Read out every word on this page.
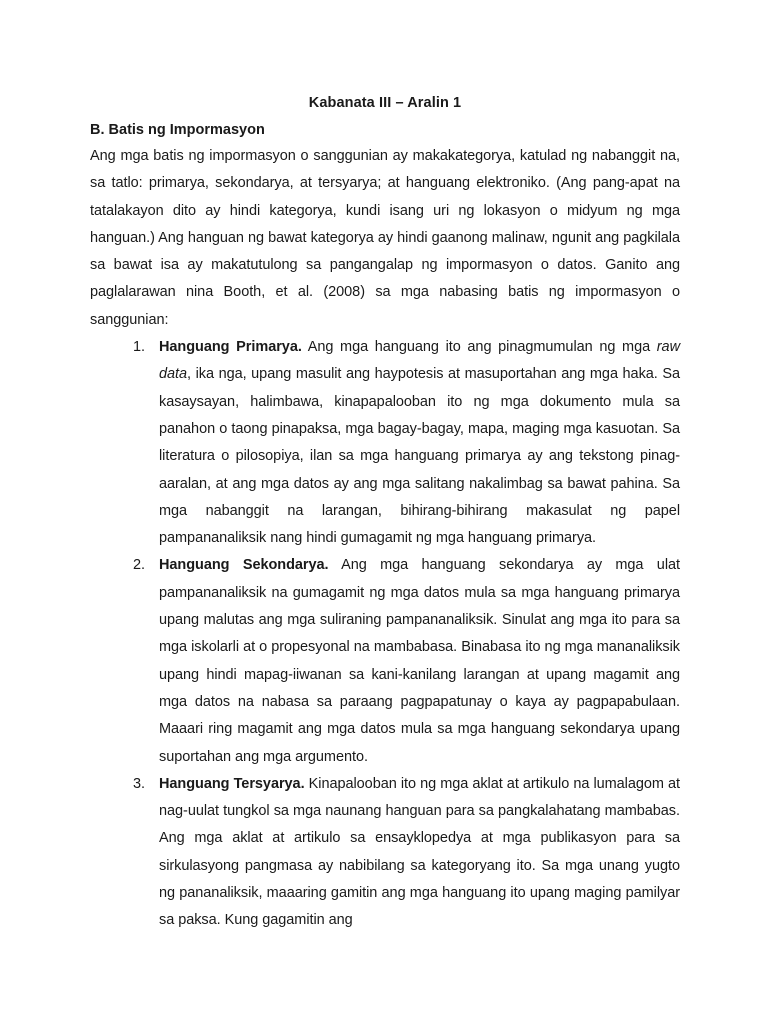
Kabanata III – Aralin 1
B. Batis ng Impormasyon

Ang mga batis ng impormasyon o sanggunian ay makakategorya, katulad ng nabanggit na, sa tatlo: primarya, sekondarya, at tersyarya; at hanguang elektroniko. (Ang pang-apat na tatalakayon dito ay hindi kategorya, kundi isang uri ng lokasyon o midyum ng mga hanguan.) Ang hanguan ng bawat kategorya ay hindi gaanong malinaw, ngunit ang pagkilala sa bawat isa ay makatutulong sa pangangalap ng impormasyon o datos. Ganito ang paglalarawan nina Booth, et al. (2008) sa mga nabasing batis ng impormasyon o sanggunian:

1. Hanguang Primarya. Ang mga hanguang ito ang pinagmumulan ng mga raw data, ika nga, upang masulit ang haypotesis at masuportahan ang mga haka. Sa kasaysayan, halimbawa, kinapapalooban ito ng mga dokumento mula sa panahon o taong pinapaksa, mga bagay-bagay, mapa, maging mga kasuotan. Sa literatura o pilosopiya, ilan sa mga hanguang primarya ay ang tekstong pinag-aaralan, at ang mga datos ay ang mga salitang nakalimbag sa bawat pahina. Sa mga nabanggit na larangan, bihirang-bihirang makasulat ng papel pampananaliksik nang hindi gumagamit ng mga hanguang primarya.
2. Hanguang Sekondarya. Ang mga hanguang sekondarya ay mga ulat pampananaliksik na gumagamit ng mga datos mula sa mga hanguang primarya upang malutas ang mga suliraning pampananaliksik. Sinulat ang mga ito para sa mga iskolarli at o propesyonal na mambabasa. Binabasa ito ng mga mananaliksik upang hindi mapag-iiwanan sa kani-kanilang larangan at upang magamit ang mga datos na nabasa sa paraang pagpapatunay o kaya ay pagpapabulaan. Maaari ring magamit ang mga datos mula sa mga hanguang sekondarya upang suportahan ang mga argumento.
3. Hanguang Tersyarya. Kinapalooban ito ng mga aklat at artikulo na lumalagom at nag-uulat tungkol sa mga naunang hanguan para sa pangkalahatang mambabas. Ang mga aklat at artikulo sa ensayklopedya at mga publikasyon para sa sirkulasyong pangmasa ay nabibilang sa kategoryang ito. Sa mga unang yugto ng pananaliksik, maaaring gamitin ang mga hanguang ito upang maging pamilyar sa paksa. Kung gagamitin ang
